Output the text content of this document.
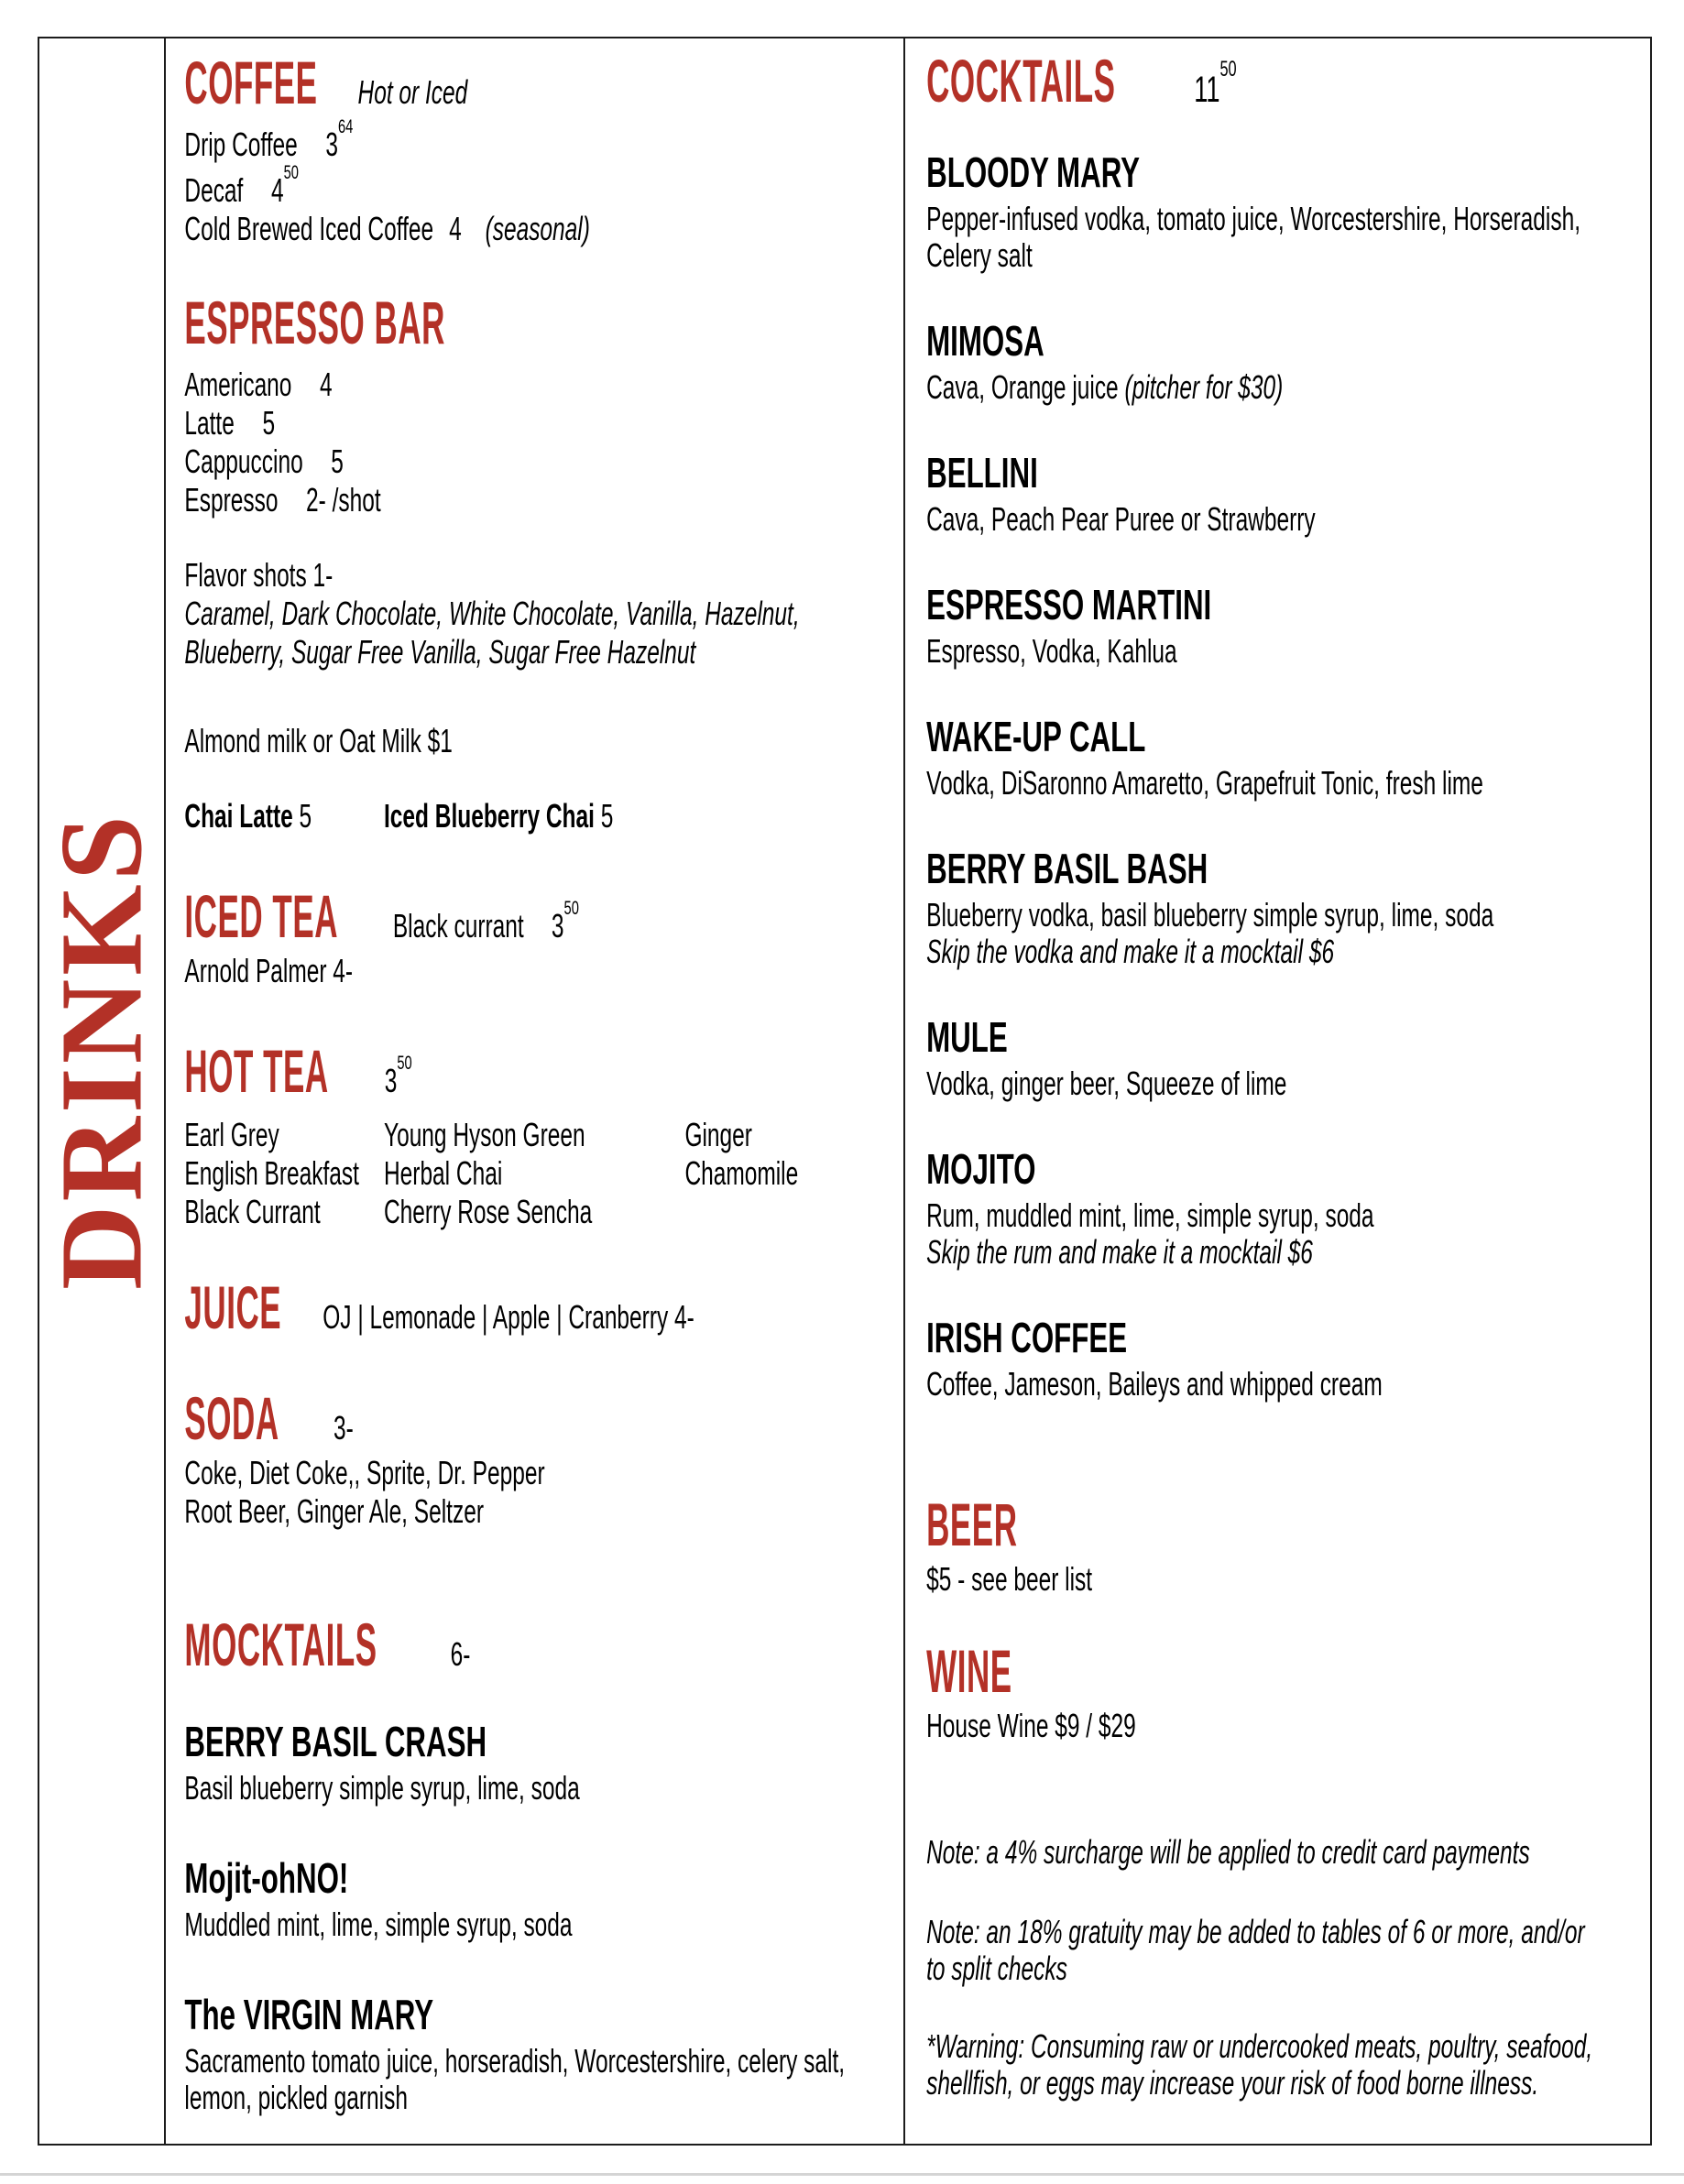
DRINKS
COFFEE Hot or Iced
Drip Coffee $3^{64}$
Decaf $4^{50}$
Cold Brewed Iced Coffee 4 (seasonal)
ESPRESSO BAR
Americano 4
Latte 5
Cappuccino 5
Espresso 2- /shot
Flavor shots 1-
Caramel, Dark Chocolate, White Chocolate, Vanilla, Hazelnut,
Blueberry, Sugar Free Vanilla, Sugar Free Hazelnut
Almond milk or Oat Milk $1
Chai Latte 5 Iced Blueberry Chai 5
ICED TEA Black currant $3^{50}$
Arnold Palmer 4-
HOT TEA $3^{50}$
Earl Grey
English Breakfast
Black Currant
Young Hyson Green
Herbal Chai
Cherry Rose Sencha
Ginger
Chamomile
JUICE OJ | Lemonade | Apple | Cranberry 4-
SODA 3-
Coke, Diet Coke,, Sprite, Dr. Pepper
Root Beer, Ginger Ale, Seltzer
MOCKTAILS 6-
BERRY BASIL CRASH
Basil blueberry simple syrup, lime, soda
Mojit-ohNO!
Muddled mint, lime, simple syrup, soda
The VIRGIN MARY
Sacramento tomato juice, horseradish, Worcestershire, celery salt,
lemon, pickled garnish
COCKTAILS $11^{50}$
BLOODY MARY
Pepper-infused vodka, tomato juice, Worcestershire, Horseradish,
Celery salt
MIMOSA
Cava, Orange juice (pitcher for $30)
BELLINI
Cava, Peach Pear Puree or Strawberry
ESPRESSO MARTINI
Espresso, Vodka, Kahlua
WAKE-UP CALL
Vodka, DiSaronno Amaretto, Grapefruit Tonic, fresh lime
BERRY BASIL BASH
Blueberry vodka, basil blueberry simple syrup, lime, soda
Skip the vodka and make it a mocktail $6
MULE
Vodka, ginger beer, Squeeze of lime
MOJITO
Rum, muddled mint, lime, simple syrup, soda
Skip the rum and make it a mocktail $6
IRISH COFFEE
Coffee, Jameson, Baileys and whipped cream
BEER
$5 - see beer list
WINE
House Wine $9 / $29
Note: a 4% surcharge will be applied to credit card payments
Note: an 18% gratuity may be added to tables of 6 or more, and/or
to split checks
*Warning: Consuming raw or undercooked meats, poultry, seafood,
shellfish, or eggs may increase your risk of food borne illness.
